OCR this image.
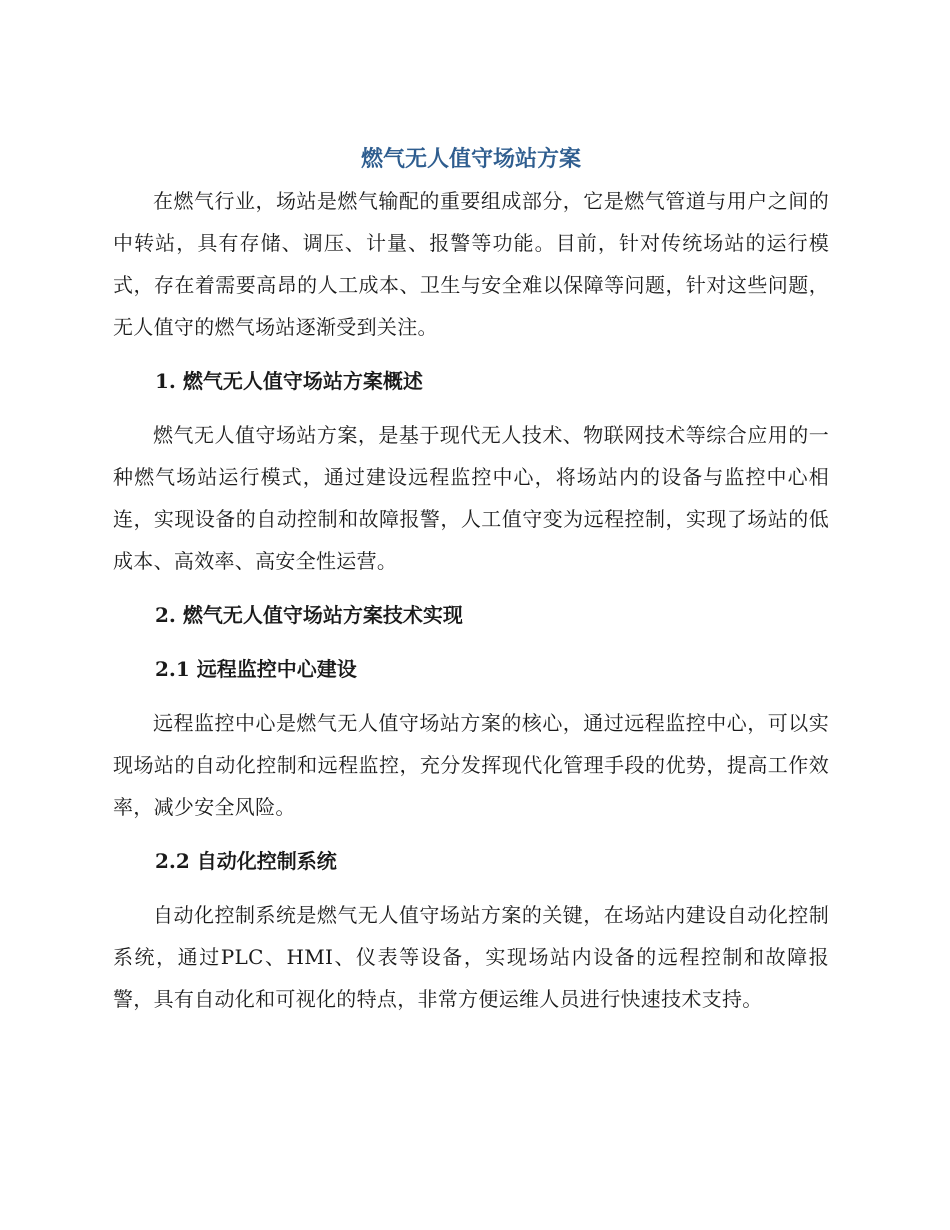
燃气无人值守场站方案

在燃气行业，场站是燃气输配的重要组成部分，它是燃气管道与用户之间的中转站，具有存储、调压、计量、报警等功能。目前，针对传统场站的运行模式，存在着需要高昂的人工成本、卫生与安全难以保障等问题，针对这些问题，无人值守的燃气场站逐渐受到关注。

1. 燃气无人值守场站方案概述

燃气无人值守场站方案，是基于现代无人技术、物联网技术等综合应用的一种燃气场站运行模式，通过建设远程监控中心，将场站内的设备与监控中心相连，实现设备的自动控制和故障报警，人工值守变为远程控制，实现了场站的低成本、高效率、高安全性运营。

2. 燃气无人值守场站方案技术实现

2.1 远程监控中心建设

远程监控中心是燃气无人值守场站方案的核心，通过远程监控中心，可以实现场站的自动化控制和远程监控，充分发挥现代化管理手段的优势，提高工作效率，减少安全风险。

2.2 自动化控制系统

自动化控制系统是燃气无人值守场站方案的关键，在场站内建设自动化控制系统，通过PLC、HMI、仪表等设备，实现场站内设备的远程控制和故障报警，具有自动化和可视化的特点，非常方便运维人员进行快速技术支持。
